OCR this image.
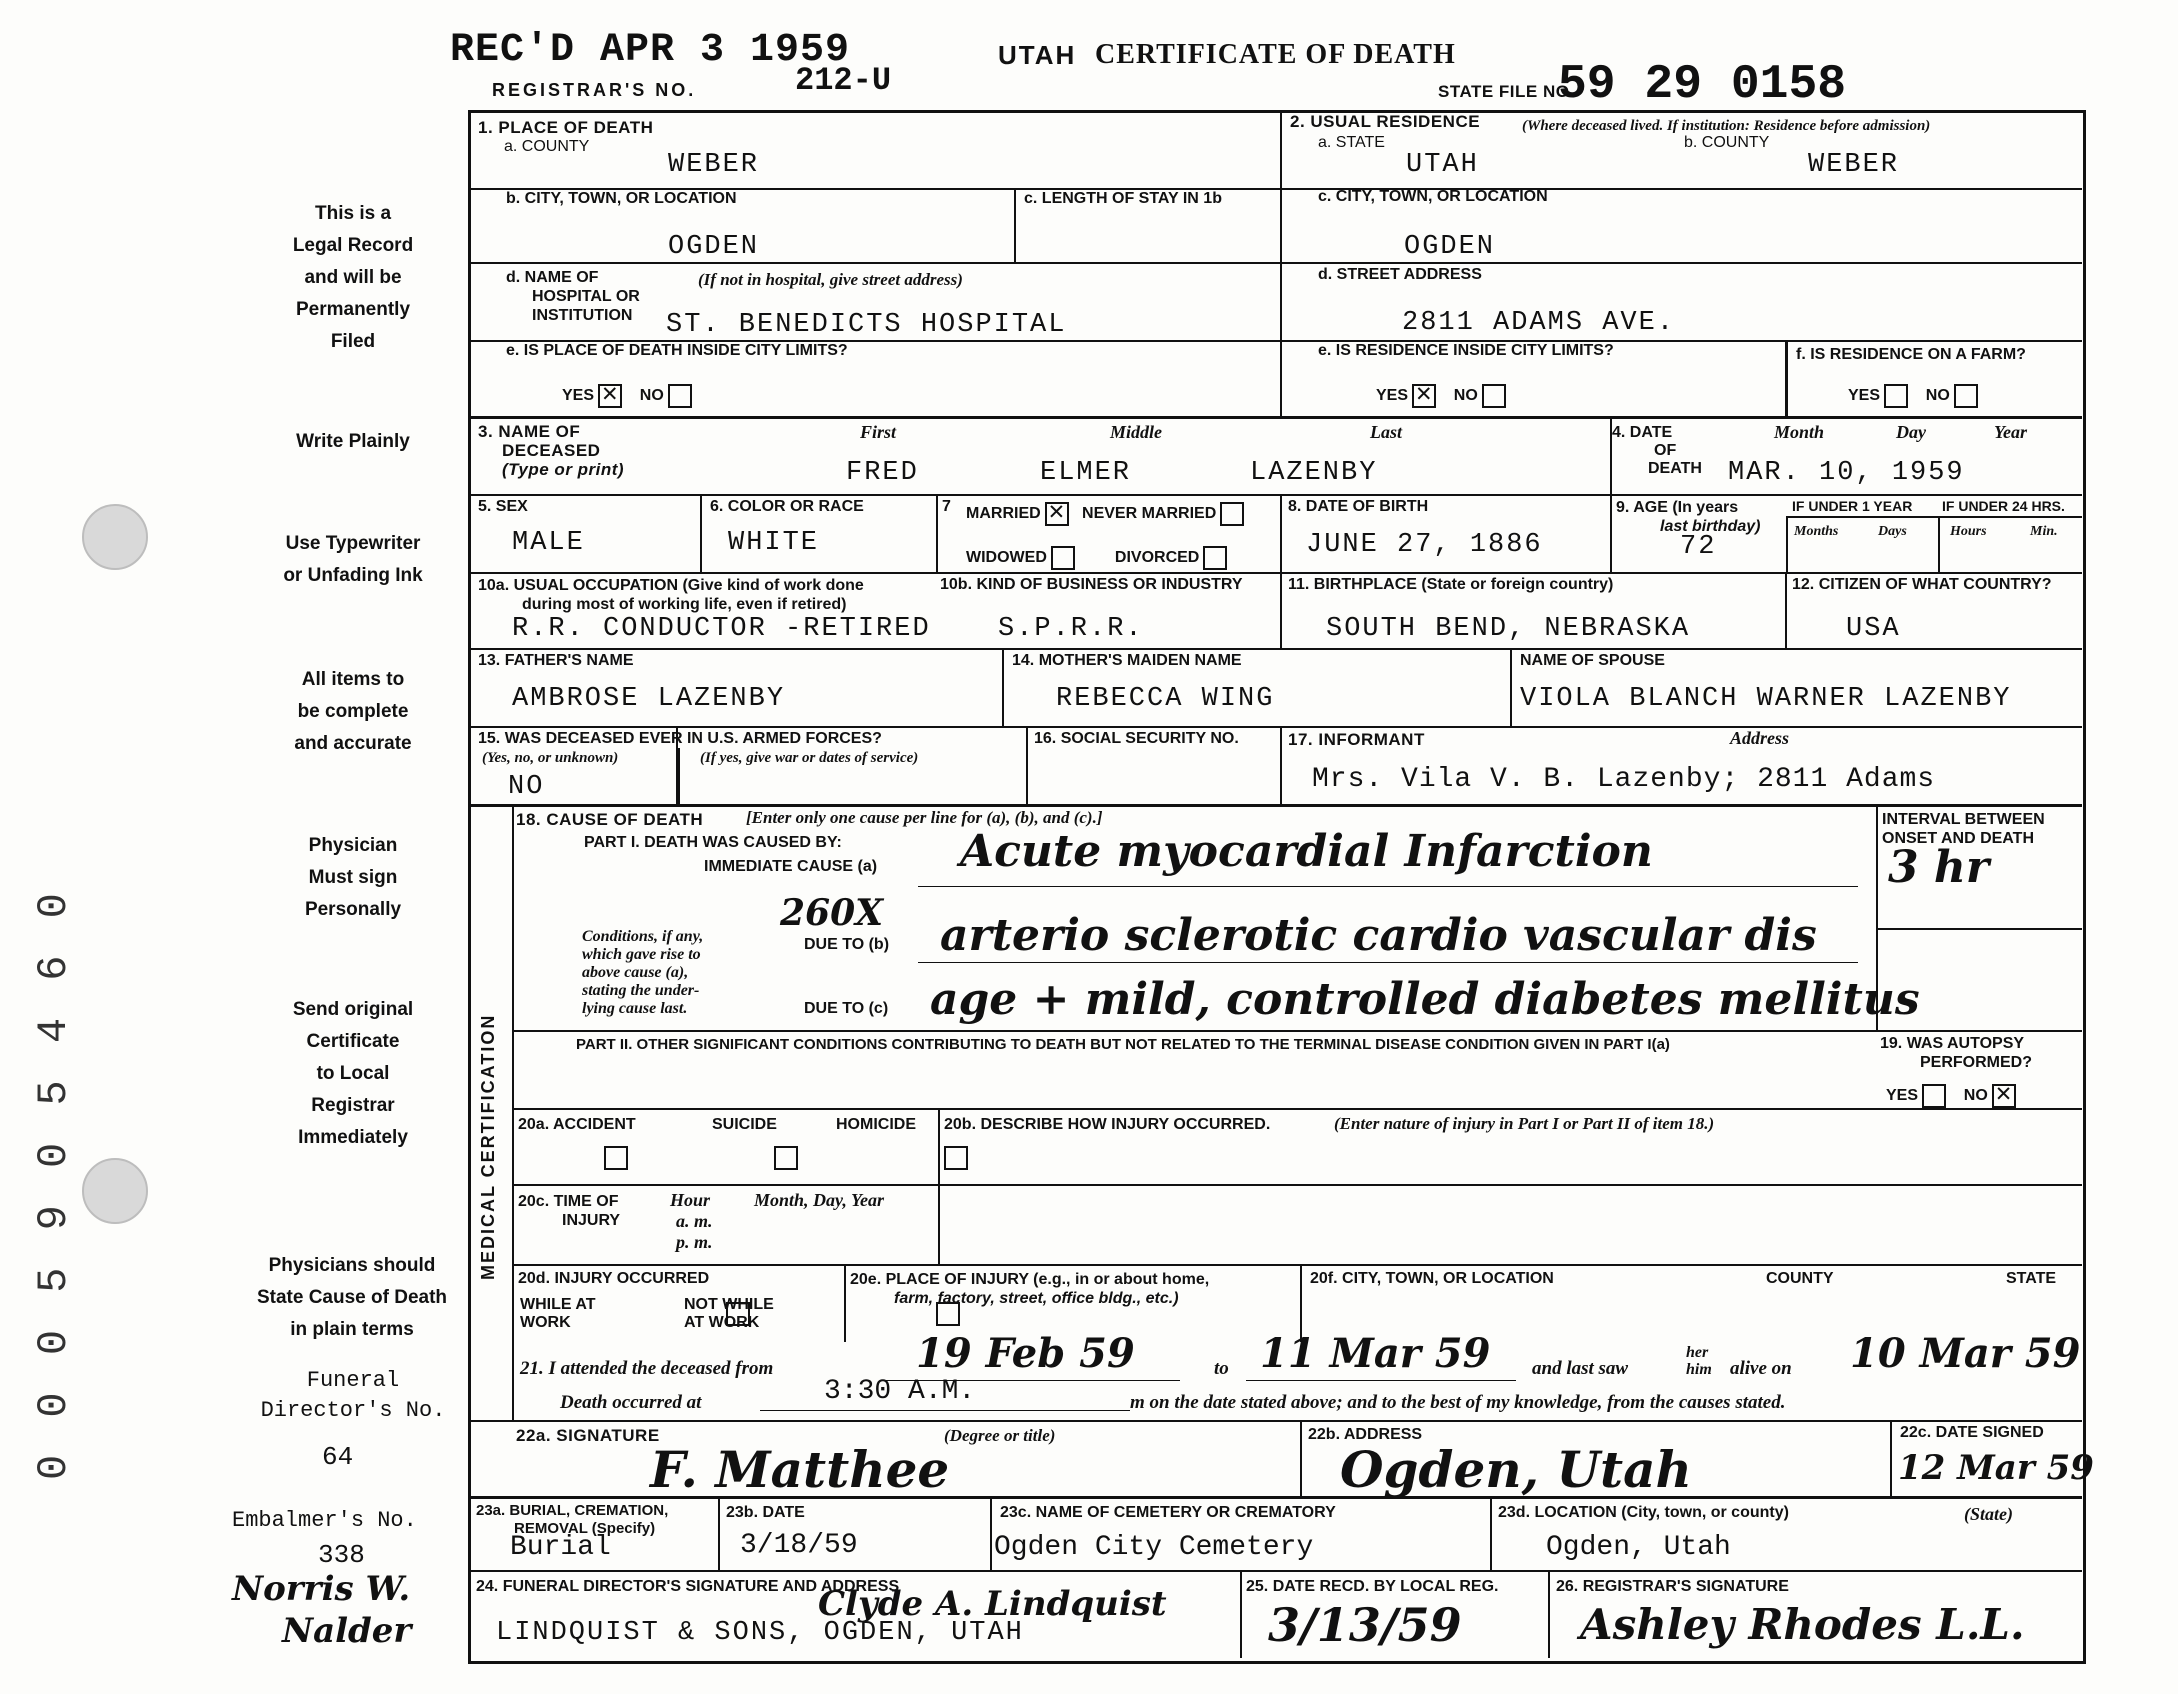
0 0 0 5 9 0 5 4 6 0
REC'D APR 3 1959
REGISTRAR'S NO.	212-U
UTAH CERTIFICATE OF DEATH
STATE FILE NO.
59 29 0158
This is a
Legal Record
and will be
Permanently
Filed
Write Plainly
Use Typewriter
or Unfading Ink
All items to
be complete
and accurate
Physician
Must sign
Personally
Send original
Certificate
to Local
Registrar
Immediately
Physicians should
State Cause of Death
in plain terms
Funeral
Director's No.
64
Embalmer's No.
338
Norris W.
Nalder
1. PLACE OF DEATH
a. COUNTY
WEBER
2. USUAL RESIDENCE	(Where deceased lived. If institution: Residence before admission)
a. STATE	b. COUNTY
UTAH	WEBER
b. CITY, TOWN, OR LOCATION
OGDEN
c. LENGTH OF STAY IN 1b	c. CITY, TOWN, OR LOCATION
OGDEN
d. NAME OF
HOSPITAL OR
INSTITUTION
(If not in hospital, give street address)
ST. BENEDICTS HOSPITAL
d. STREET ADDRESS
2811 ADAMS AVE.
e. IS PLACE OF DEATH INSIDE CITY LIMITS?
YES ✕	NO
e. IS RESIDENCE INSIDE CITY LIMITS?
YES ✕	NO
f. IS RESIDENCE ON A FARM?
YES	NO
3. NAME OF
DECEASED
(Type or print)
First	Middle	Last
FRED	ELMER	LAZENBY
4. DATE
OF
DEATH
Month	Day	Year
MAR. 10, 1959
5. SEX
MALE
6. COLOR OR RACE
WHITE
7 MARRIED ✕	NEVER MARRIED
WIDOWED	DIVORCED
8. DATE OF BIRTH
JUNE 27, 1886
9. AGE (In years
last birthday)
72
IF UNDER 1 YEAR IF UNDER 24 HRS.
Months	Days	Hours	Min.
10a. USUAL OCCUPATION (Give kind of work done
during most of working life, even if retired)
R.R. CONDUCTOR -RETIRED
10b. KIND OF BUSINESS OR INDUSTRY
S.P.R.R.
11. BIRTHPLACE (State or foreign country)
SOUTH BEND, NEBRASKA
12. CITIZEN OF WHAT COUNTRY?
USA
13. FATHER'S NAME
AMBROSE LAZENBY
14. MOTHER'S MAIDEN NAME
REBECCA WING
NAME OF SPOUSE
VIOLA BLANCH WARNER LAZENBY
15. WAS DECEASED EVER IN U.S. ARMED FORCES?
(Yes, no, or unknown)	(If yes, give war or dates of service)
NO
16. SOCIAL SECURITY NO.	17. INFORMANT	Address
Mrs. Vila V. B. Lazenby; 2811 Adams
MEDICAL CERTIFICATION
18. CAUSE OF DEATH	[Enter only one cause per line for (a), (b), and (c).]
PART I. DEATH WAS CAUSED BY:
IMMEDIATE CAUSE (a) Acute myocardial Infarction
260X
Conditions, if any,
which gave rise to
above cause (a),
stating the under-
lying cause last.
DUE TO (b) arterio sclerotic cardio vascular dis
DUE TO (c) age + mild, controlled diabetes mellitus
INTERVAL BETWEEN
ONSET AND DEATH
3 hr
PART II. OTHER SIGNIFICANT CONDITIONS CONTRIBUTING TO DEATH BUT NOT RELATED TO THE TERMINAL DISEASE CONDITION GIVEN IN PART I(a)	19. WAS AUTOPSY
PERFORMED?
YES	NO✕
20a. ACCIDENT	SUICIDE	HOMICIDE
20b. DESCRIBE HOW INJURY OCCURRED.	(Enter nature of injury in Part I or Part II of item 18.)
20c. TIME OF
INJURY
Hour
a. m.
p. m.
Month, Day, Year
20d. INJURY OCCURRED
WHILE AT
WORK

NOT WHILE
AT WORK
20e. PLACE OF INJURY (e.g., in or about home,
farm, factory, street, office bldg., etc.)
20f. CITY, TOWN, OR LOCATION	COUNTY	STATE
21. I attended the deceased from	19 Feb 59	to 11 Mar 59 and last saw
her
him alive on 10 Mar 59
Death occurred at	3:30 A.M.	m on the date stated above; and to the best of my knowledge, from the causes stated.
22a. SIGNATURE	(Degree or title)
F. Matthee
22b. ADDRESS
Ogden, Utah
22c. DATE SIGNED
12 Mar 59
23a. BURIAL, CREMATION,
REMOVAL (Specify)
Burial
23b. DATE
3/18/59
23c. NAME OF CEMETERY OR CREMATORY
Ogden City Cemetery
23d. LOCATION (City, town, or county)	(State)
Ogden, Utah
24. FUNERAL DIRECTOR'S SIGNATURE AND ADDRESS
Clyde A. Lindquist
LINDQUIST & SONS, OGDEN, UTAH
25. DATE RECD. BY LOCAL REG.
3/13/59
26. REGISTRAR'S SIGNATURE
Ashley Rhodes L.L.
